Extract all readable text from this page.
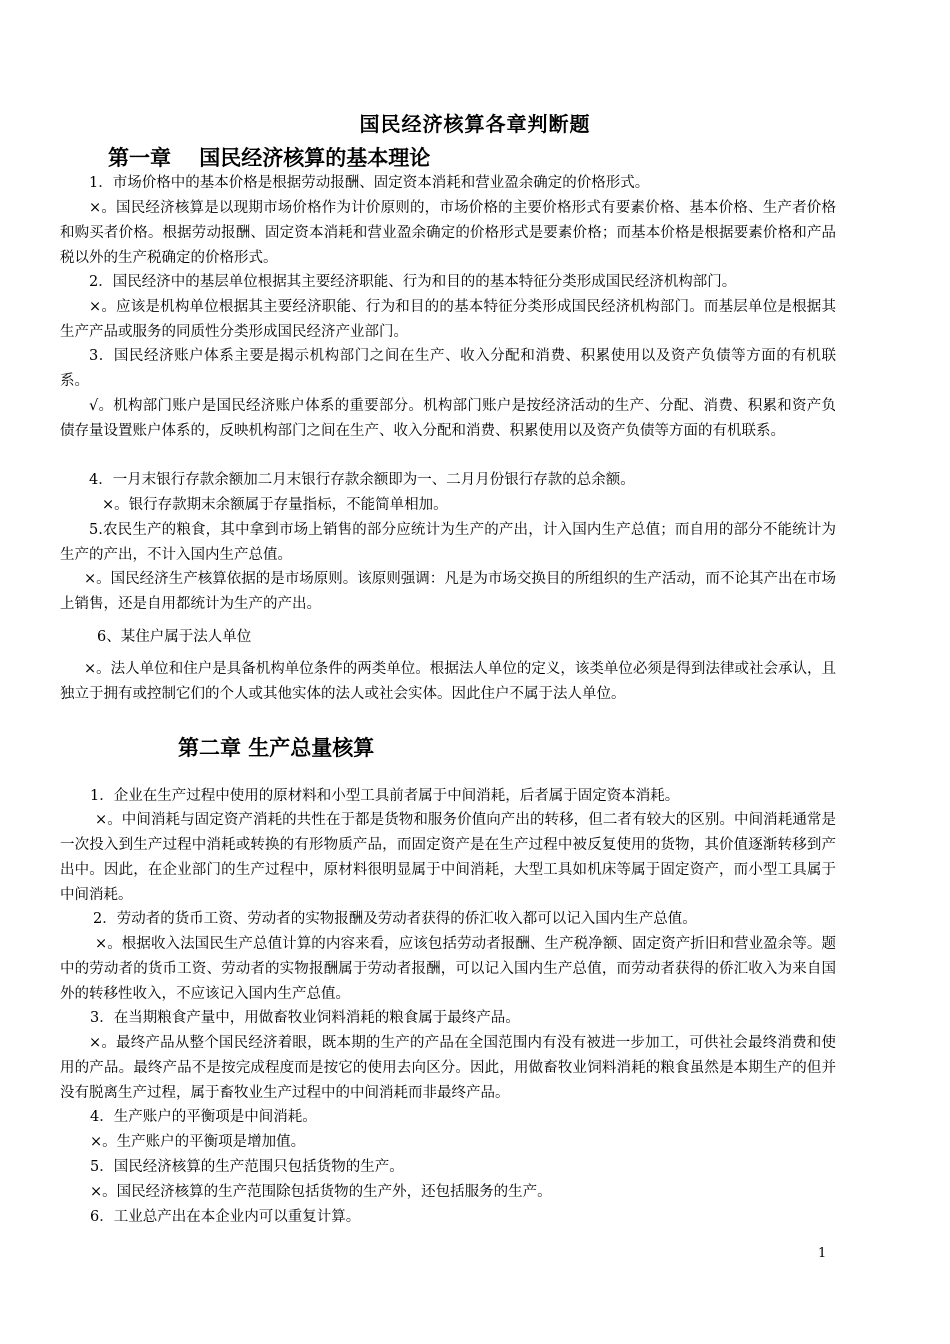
国民经济核算各章判断题
第一章　 国民经济核算的基本理论
1．市场价格中的基本价格是根据劳动报酬、固定资本消耗和营业盈余确定的价格形式。
×。国民经济核算是以现期市场价格作为计价原则的，市场价格的主要价格形式有要素价格、基本价格、生产者价格和购买者价格。根据劳动报酬、固定资本消耗和营业盈余确定的价格形式是要素价格；而基本价格是根据要素价格和产品税以外的生产税确定的价格形式。
2．国民经济中的基层单位根据其主要经济职能、行为和目的的基本特征分类形成国民经济机构部门。
×。应该是机构单位根据其主要经济职能、行为和目的的基本特征分类形成国民经济机构部门。而基层单位是根据其生产产品或服务的同质性分类形成国民经济产业部门。
3．国民经济账户体系主要是揭示机构部门之间在生产、收入分配和消费、积累使用以及资产负债等方面的有机联系。
√。机构部门账户是国民经济账户体系的重要部分。机构部门账户是按经济活动的生产、分配、消费、积累和资产负债存量设置账户体系的，反映机构部门之间在生产、收入分配和消费、积累使用以及资产负债等方面的有机联系。
4．一月末银行存款余额加二月末银行存款余额即为一、二月月份银行存款的总余额。
×。银行存款期末余额属于存量指标，不能简单相加。
5.农民生产的粮食，其中拿到市场上销售的部分应统计为生产的产出，计入国内生产总值；而自用的部分不能统计为生产的产出，不计入国内生产总值。
×。国民经济生产核算依据的是市场原则。该原则强调：凡是为市场交换目的所组织的生产活动，而不论其产出在市场上销售，还是自用都统计为生产的产出。
6、某住户属于法人单位
×。法人单位和住户是具备机构单位条件的两类单位。根据法人单位的定义，该类单位必须是得到法律或社会承认，且独立于拥有或控制它们的个人或其他实体的法人或社会实体。因此住户不属于法人单位。
第二章 生产总量核算
1．企业在生产过程中使用的原材料和小型工具前者属于中间消耗，后者属于固定资本消耗。
×。中间消耗与固定资产消耗的共性在于都是货物和服务价值向产出的转移，但二者有较大的区别。中间消耗通常是一次投入到生产过程中消耗或转换的有形物质产品，而固定资产是在生产过程中被反复使用的货物，其价值逐渐转移到产出中。因此，在企业部门的生产过程中，原材料很明显属于中间消耗，大型工具如机床等属于固定资产，而小型工具属于中间消耗。
2．劳动者的货币工资、劳动者的实物报酬及劳动者获得的侨汇收入都可以记入国内生产总值。
×。根据收入法国民生产总值计算的内容来看，应该包括劳动者报酬、生产税净额、固定资产折旧和营业盈余等。题中的劳动者的货币工资、劳动者的实物报酬属于劳动者报酬，可以记入国内生产总值，而劳动者获得的侨汇收入为来自国外的转移性收入，不应该记入国内生产总值。
3．在当期粮食产量中，用做畜牧业饲料消耗的粮食属于最终产品。
×。最终产品从整个国民经济着眼，既本期的生产的产品在全国范围内有没有被进一步加工，可供社会最终消费和使用的产品。最终产品不是按完成程度而是按它的使用去向区分。因此，用做畜牧业饲料消耗的粮食虽然是本期生产的但并没有脱离生产过程，属于畜牧业生产过程中的中间消耗而非最终产品。
4．生产账户的平衡项是中间消耗。
×。生产账户的平衡项是增加值。
5．国民经济核算的生产范围只包括货物的生产。
×。国民经济核算的生产范围除包括货物的生产外，还包括服务的生产。
6．工业总产出在本企业内可以重复计算。
1
